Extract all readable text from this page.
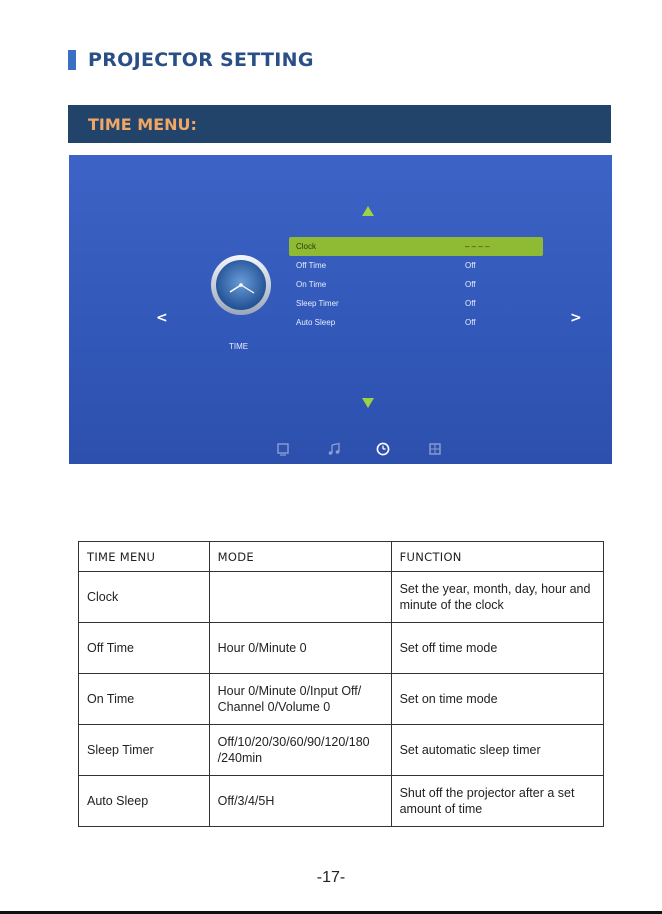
PROJECTOR SETTING
TIME MENU:
<	>
TIME
Clock	– – – –
Off Time	Off
On Time	Off
Sleep Timer	Off
Auto Sleep	Off
TIME MENU	MODE	FUNCTION
Clock		Set the year, month, day, hour and minute of the clock
Off Time	Hour 0/Minute 0	Set off time mode
On Time	Hour 0/Minute 0/Input Off/ Channel 0/Volume 0	Set on time mode
Sleep Timer	Off/10/20/30/60/90/120/180 /240min	Set automatic sleep timer
Auto Sleep	Off/3/4/5H	Shut off the projector after a set amount of time
-17-
